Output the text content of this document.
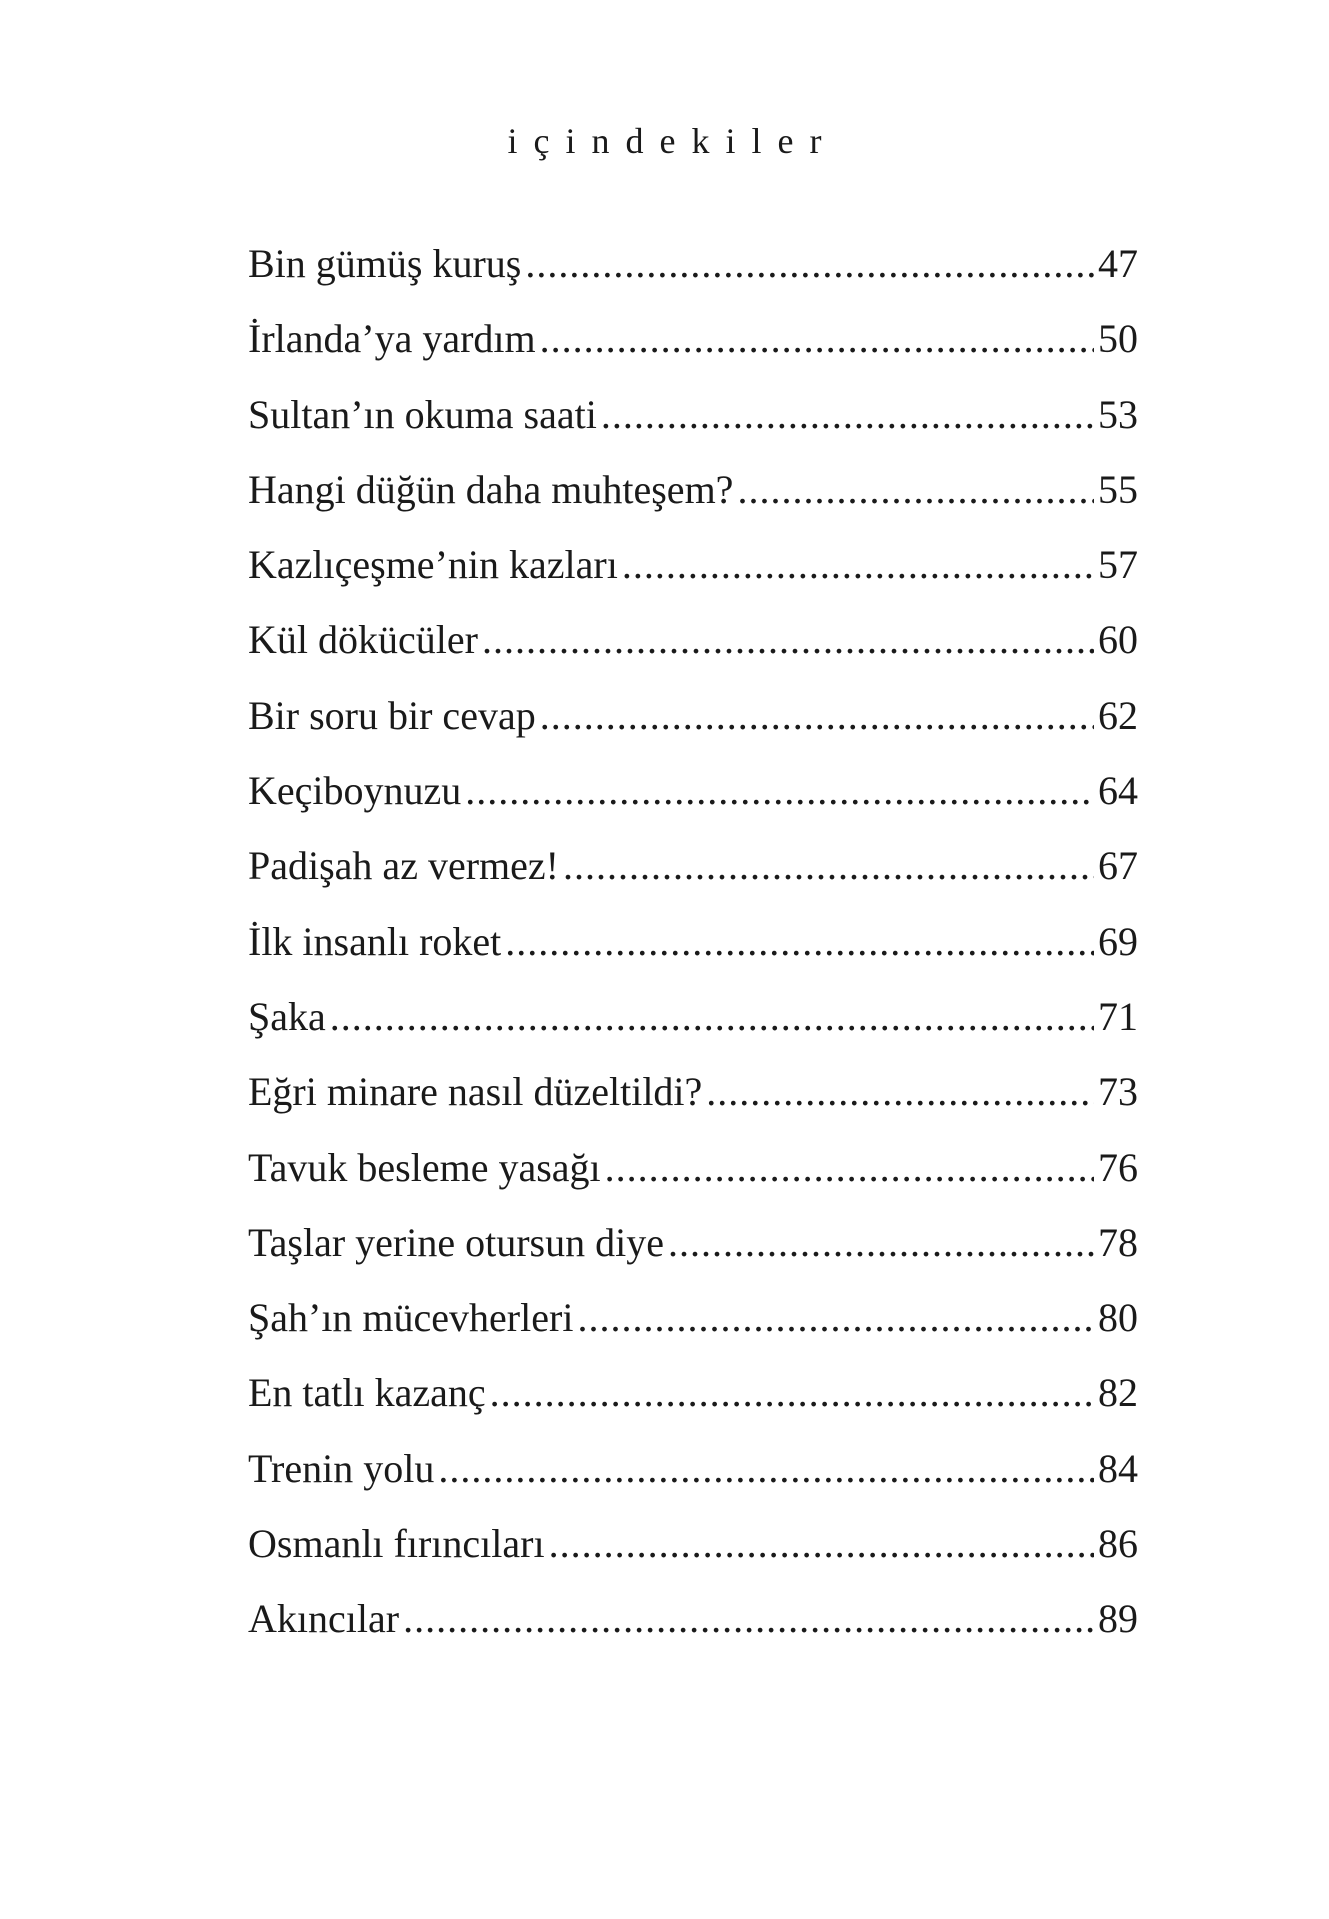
içindekiler
Bin gümüş kuruş .....	47
İrlanda’ya yardım .....	50
Sultan’ın okuma saati .....	53
Hangi düğün daha muhteşem? .....	55
Kazlıçeşme’nin kazları .....	57
Kül dökücüler .....	60
Bir soru bir cevap .....	62
Keçiboynuzu .....	64
Padişah az vermez! .....	67
İlk insanlı roket .....	69
Şaka .....	71
Eğri minare nasıl düzeltildi? .....	73
Tavuk besleme yasağı .....	76
Taşlar yerine otursun diye .....	78
Şah’ın mücevherleri .....	80
En tatlı kazanç .....	82
Trenin yolu .....	84
Osmanlı fırıncıları .....	86
Akıncılar .....	89
